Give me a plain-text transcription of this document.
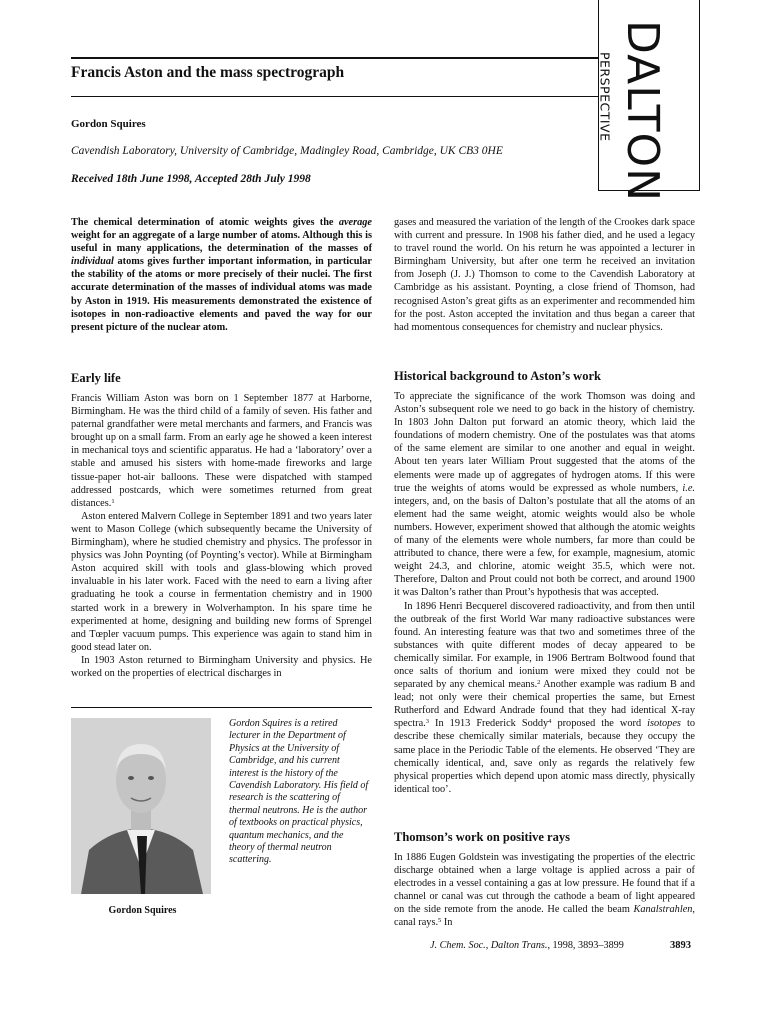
DALTON
PERSPECTIVE
Francis Aston and the mass spectrograph
Gordon Squires
Cavendish Laboratory, University of Cambridge, Madingley Road, Cambridge, UK CB3 0HE
Received 18th June 1998, Accepted 28th July 1998

The chemical determination of atomic weights gives the average weight for an aggregate of a large number of atoms. Although this is useful in many applications, the determination of the masses of individual atoms gives further important information, in particular the stability of the atoms or more precisely of their nuclei. The first accurate determination of the masses of individual atoms was made by Aston in 1919. His measurements demonstrated the existence of isotopes in non-radioactive elements and paved the way for our present picture of the nuclear atom.

Early life

Francis William Aston was born on 1 September 1877 at Harborne, Birmingham. He was the third child of a family of seven. His father and paternal grandfather were metal merchants and farmers, and Francis was brought up on a small farm. From an early age he showed a keen interest in mechanical toys and scientific apparatus. He had a ‘laboratory’ over a stable and amused his sisters with home-made fireworks and large tissue-paper hot-air balloons. These were dispatched with stamped addressed postcards, which were sometimes returned from great distances.$^1$

Aston entered Malvern College in September 1891 and two years later went to Mason College (which subsequently became the University of Birmingham), where he studied chemistry and physics. The professor in physics was John Poynting (of Poynting’s vector). While at Birmingham Aston acquired skill with tools and glass-blowing which proved invaluable in his later work. Faced with the need to earn a living after graduating he took a course in fermentation chemistry and in 1900 started work in a brewery in Wolverhampton. In his spare time he experimented at home, designing and building new forms of Sprengel and Tœpler vacuum pumps. This experience was again to stand him in good stead later on.

In 1903 Aston returned to Birmingham University and physics. He worked on the properties of electrical discharges in

Gordon Squires is a retired lecturer in the Department of Physics at the University of Cambridge, and his current interest is the history of the Cavendish Laboratory. His field of research is the scattering of thermal neutrons. He is the author of textbooks on practical physics, quantum mechanics, and the theory of thermal neutron scattering.
Gordon Squires

gases and measured the variation of the length of the Crookes dark space with current and pressure. In 1908 his father died, and he used a legacy to travel round the world. On his return he was appointed a lecturer in Birmingham University, but after one term he received an invitation from Joseph (J. J.) Thomson to come to the Cavendish Laboratory at Cambridge as his assistant. Poynting, a close friend of Thomson, had recognised Aston’s great gifts as an experimenter and recommended him for the post. Aston accepted the invitation and thus began a career that had momentous consequences for chemistry and nuclear physics.

Historical background to Aston’s work

To appreciate the significance of the work Thomson was doing and Aston’s subsequent role we need to go back in the history of chemistry. In 1803 John Dalton put forward an atomic theory, which laid the foundations of modern chemistry. One of the postulates was that atoms of the same element are similar to one another and equal in weight. About ten years later William Prout suggested that the atoms of the elements were made up of aggregates of hydrogen atoms. If this were true the weights of atoms would be expressed as whole numbers, i.e. integers, and, on the basis of Dalton’s postulate that all the atoms of an element had the same weight, atomic weights would also be whole numbers. However, experiment showed that although the atomic weights of many of the elements were whole numbers, far more than could be attributed to chance, there were a few, for example, magnesium, atomic weight 24.3, and chlorine, atomic weight 35.5, which were not. Therefore, Dalton and Prout could not both be correct, and around 1900 it was Dalton’s rather than Prout’s hypothesis that was accepted.

In 1896 Henri Becquerel discovered radioactivity, and from then until the outbreak of the first World War many radioactive substances were found. An interesting feature was that two and sometimes three of the substances with quite different modes of decay appeared to be chemically similar. For example, in 1906 Bertram Boltwood found that once salts of thorium and ionium were mixed they could not be separated by any chemical means.$^2$ Another example was radium B and lead; not only were their chemical properties the same, but Ernest Rutherford and Edward Andrade found that they had identical X-ray spectra.$^3$ In 1913 Frederick Soddy$^4$ proposed the word isotopes to describe these chemically similar materials, because they occupy the same place in the Periodic Table of the elements. He observed ‘They are chemically identical, and, save only as regards the relatively few physical properties which depend upon atomic mass directly, physically identical too’.

Thomson’s work on positive rays

In 1886 Eugen Goldstein was investigating the properties of the electric discharge obtained when a large voltage is applied across a pair of electrodes in a vessel containing a gas at low pressure. He found that if a channel or canal was cut through the cathode a beam of light appeared on the side remote from the anode. He called the beam Kanalstrahlen, canal rays.$^5$ In

J. Chem. Soc., Dalton Trans., 1998, 3893–3899	3893
